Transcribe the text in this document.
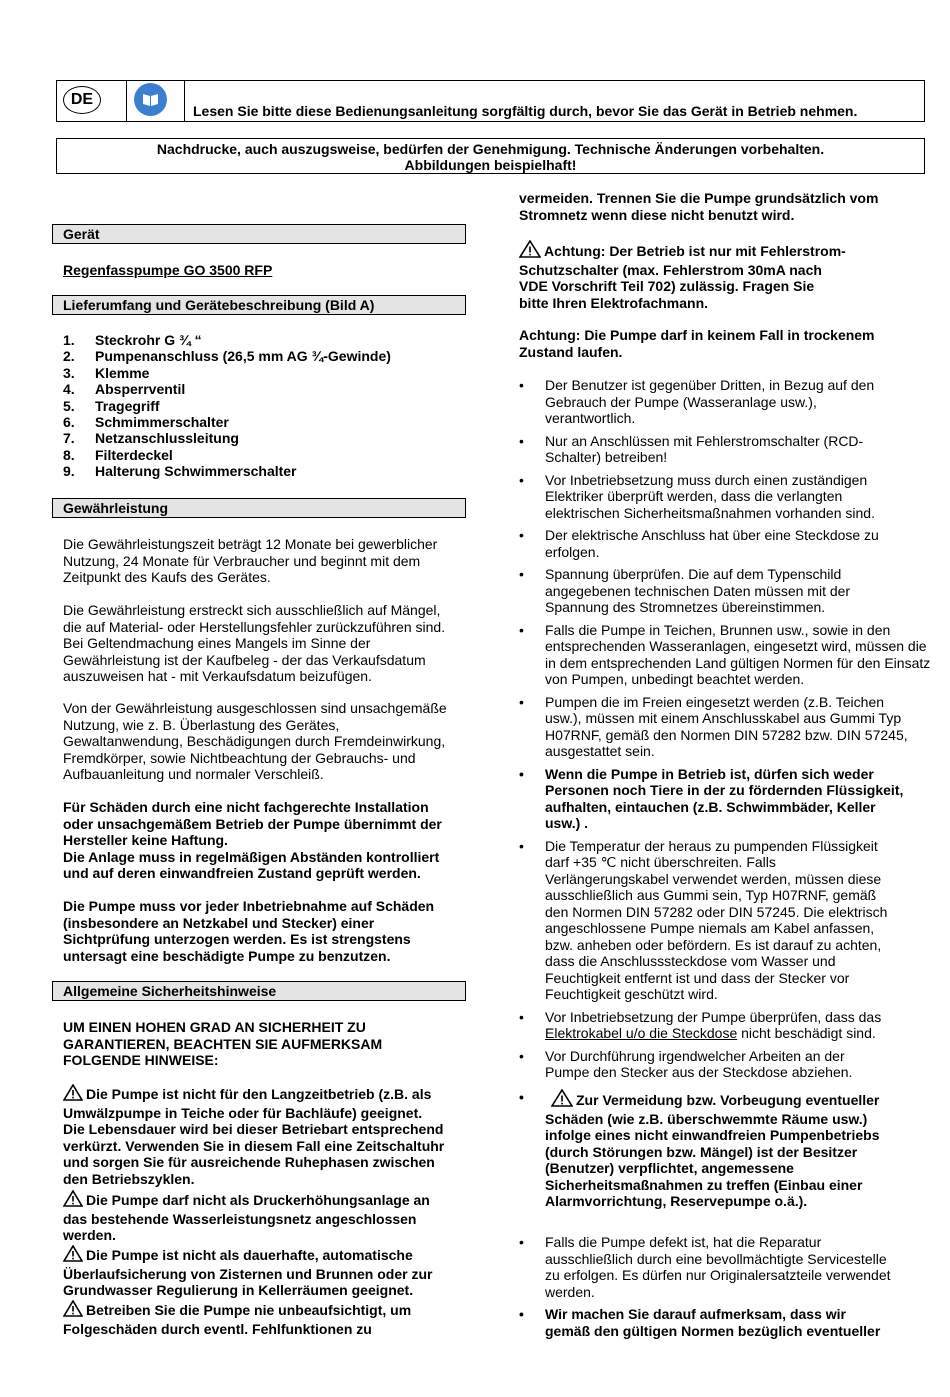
DE
Lesen Sie bitte diese Bedienungsanleitung sorgfältig durch, bevor Sie das Gerät in Betrieb nehmen.
Nachdrucke, auch auszugsweise, bedürfen der Genehmigung. Technische Änderungen vorbehalten.
Abbildungen beispielhaft!
Gerät
Regenfasspumpe GO 3500 RFP
Lieferumfang und Gerätebeschreibung (Bild A)
1. Steckrohr G ¾ “
2. Pumpenanschluss (26,5 mm AG ¾-Gewinde)
3. Klemme
4. Absperrventil
5. Tragegriff
6. Schmimmerschalter
7. Netzanschlussleitung
8. Filterdeckel
9. Halterung Schwimmerschalter
Gewährleistung
Die Gewährleistungszeit beträgt 12 Monate bei gewerblicher
Nutzung, 24 Monate für Verbraucher und beginnt mit dem
Zeitpunkt des Kaufs des Gerätes.
Die Gewährleistung erstreckt sich ausschließlich auf Mängel,
die auf Material- oder Herstellungsfehler zurückzuführen sind.
Bei Geltendmachung eines Mangels im Sinne der
Gewährleistung ist der Kaufbeleg - der das Verkaufsdatum
auszuweisen hat - mit Verkaufsdatum beizufügen.
Von der Gewährleistung ausgeschlossen sind unsachgemäße
Nutzung, wie z. B. Überlastung des Gerätes,
Gewaltanwendung, Beschädigungen durch Fremdeinwirkung,
Fremdkörper, sowie Nichtbeachtung der Gebrauchs- und
Aufbauanleitung und normaler Verschleiß.
Für Schäden durch eine nicht fachgerechte Installation
oder unsachgemäßem Betrieb der Pumpe übernimmt der
Hersteller keine Haftung.
Die Anlage muss in regelmäßigen Abständen kontrolliert
und auf deren einwandfreien Zustand geprüft werden.
Die Pumpe muss vor jeder Inbetriebnahme auf Schäden
(insbesondere an Netzkabel und Stecker) einer
Sichtprüfung unterzogen werden. Es ist strengstens
untersagt eine beschädigte Pumpe zu benzutzen.
Allgemeine Sicherheitshinweise
UM EINEN HOHEN GRAD AN SICHERHEIT ZU
GARANTIEREN, BEACHTEN SIE AUFMERKSAM
FOLGENDE HINWEISE:
Die Pumpe ist nicht für den Langzeitbetrieb (z.B. als
Umwälzpumpe in Teiche oder für Bachläufe) geeignet.
Die Lebensdauer wird bei dieser Betriebart entsprechend
verkürzt. Verwenden Sie in diesem Fall eine Zeitschaltuhr
und sorgen Sie für ausreichende Ruhephasen zwischen
den Betriebszyklen.
Die Pumpe darf nicht als Druckerhöhungsanlage an
das bestehende Wasserleistungsnetz angeschlossen
werden.
Die Pumpe ist nicht als dauerhafte, automatische
Überlaufsicherung von Zisternen und Brunnen oder zur
Grundwasser Regulierung in Kellerräumen geeignet.
Betreiben Sie die Pumpe nie unbeaufsichtigt, um
Folgeschäden durch eventl. Fehlfunktionen zu
vermeiden. Trennen Sie die Pumpe grundsätzlich vom
Stromnetz wenn diese nicht benutzt wird.
Achtung: Der Betrieb ist nur mit Fehlerstrom-
Schutzschalter (max. Fehlerstrom 30mA nach
VDE Vorschrift Teil 702) zulässig. Fragen Sie
bitte Ihren Elektrofachmann.
Achtung: Die Pumpe darf in keinem Fall in trockenem
Zustand laufen.
• Der Benutzer ist gegenüber Dritten, in Bezug auf den
Gebrauch der Pumpe (Wasseranlage usw.),
verantwortlich.
• Nur an Anschlüssen mit Fehlerstromschalter (RCD-
Schalter) betreiben!
• Vor Inbetriebsetzung muss durch einen zuständigen
Elektriker überprüft werden, dass die verlangten
elektrischen Sicherheitsmaßnahmen vorhanden sind.
• Der elektrische Anschluss hat über eine Steckdose zu
erfolgen.
• Spannung überprüfen. Die auf dem Typenschild
angegebenen technischen Daten müssen mit der
Spannung des Stromnetzes übereinstimmen.
• Falls die Pumpe in Teichen, Brunnen usw., sowie in den
entsprechenden Wasseranlagen, eingesetzt wird, müssen die
in dem entsprechenden Land gültigen Normen für den Einsatz
von Pumpen, unbedingt beachtet werden.
• Pumpen die im Freien eingesetzt werden (z.B. Teichen
usw.), müssen mit einem Anschlusskabel aus Gummi Typ
H07RNF, gemäß den Normen DIN 57282 bzw. DIN 57245,
ausgestattet sein.
• Wenn die Pumpe in Betrieb ist, dürfen sich weder
Personen noch Tiere in der zu fördernden Flüssigkeit,
aufhalten, eintauchen (z.B. Schwimmbäder, Keller
usw.) .
• Die Temperatur der heraus zu pumpenden Flüssigkeit
darf +35 ℃ nicht überschreiten. Falls
Verlängerungskabel verwendet werden, müssen diese
ausschließlich aus Gummi sein, Typ H07RNF, gemäß
den Normen DIN 57282 oder DIN 57245. Die elektrisch
angeschlossene Pumpe niemals am Kabel anfassen,
bzw. anheben oder befördern. Es ist darauf zu achten,
dass die Anschlusssteckdose vom Wasser und
Feuchtigkeit entfernt ist und dass der Stecker vor
Feuchtigkeit geschützt wird.
• Vor Inbetriebsetzung der Pumpe überprüfen, dass das
Elektrokabel u/o die Steckdose nicht beschädigt sind.
• Vor Durchführung irgendwelcher Arbeiten an der
Pumpe den Stecker aus der Steckdose abziehen.
•	Zur Vermeidung bzw. Vorbeugung eventueller
Schäden (wie z.B. überschwemmte Räume usw.)
infolge eines nicht einwandfreien Pumpenbetriebs
(durch Störungen bzw. Mängel) ist der Besitzer
(Benutzer) verpflichtet, angemessene
Sicherheitsmaßnahmen zu treffen (Einbau einer
Alarmvorrichtung, Reservepumpe o.ä.).
• Falls die Pumpe defekt ist, hat die Reparatur
ausschließlich durch eine bevollmächtigte Servicestelle
zu erfolgen. Es dürfen nur Originalersatzteile verwendet
werden.
• Wir machen Sie darauf aufmerksam, dass wir
gemäß den gültigen Normen bezüglich eventueller
